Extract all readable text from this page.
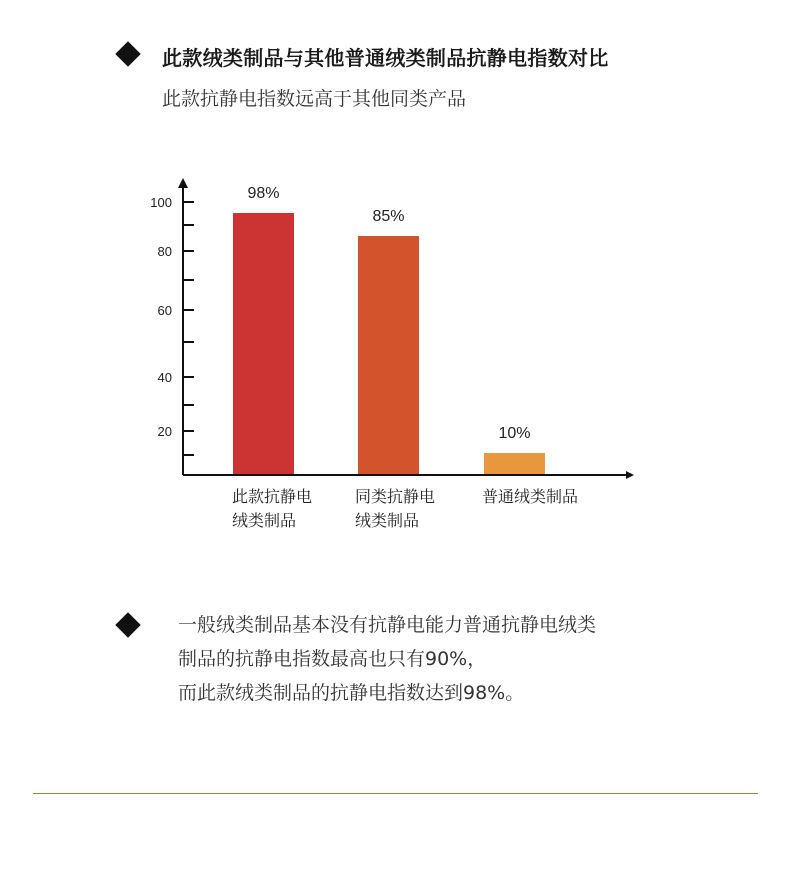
此款绒类制品与其他普通绒类制品抗静电指数对比
此款抗静电指数远高于其他同类产品
20
40
60
80
100
98%
85%
10%
此款抗静电
绒类制品
同类抗静电
绒类制品
普通绒类制品
一般绒类制品基本没有抗静电能力普通抗静电绒类
制品的抗静电指数最高也只有90%，
而此款绒类制品的抗静电指数达到98%。
